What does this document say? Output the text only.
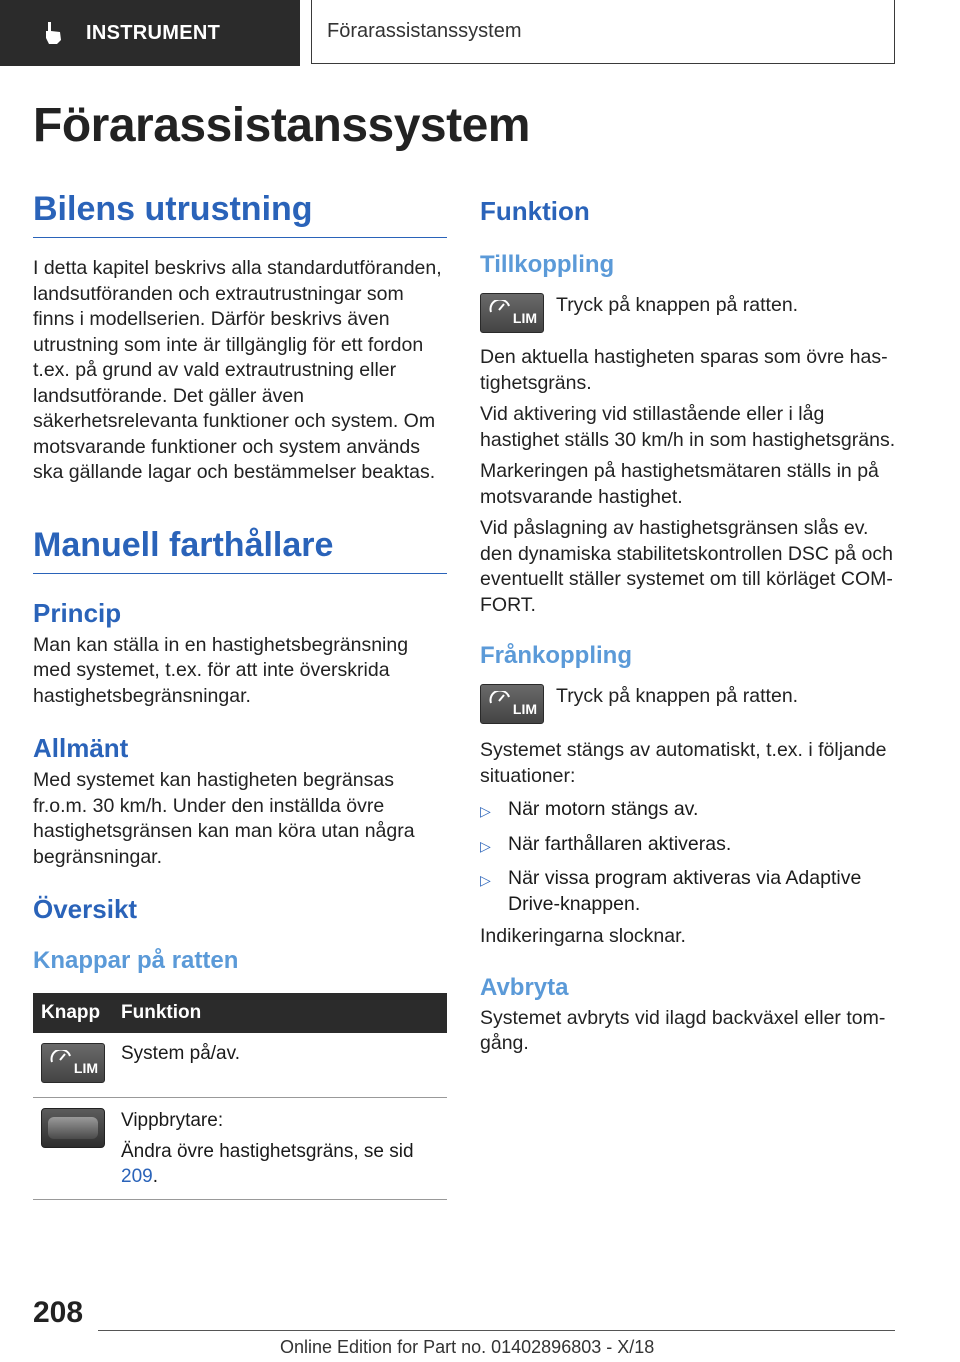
INSTRUMENT	Förarassistanssystem
Förarassistanssystem
Bilens utrustning

I detta kapitel beskrivs alla standardutföranden, landsutföranden och extrautrustningar som finns i modellserien. Därför beskrivs även utrustning som inte är tillgänglig för ett fordon t.ex. på grund av vald extrautrustning eller landsutförande. Det gäller även säkerhetsrelevanta funktioner och system. Om motsvarande funktioner och system används ska gällande lagar och bestämmelser beaktas.

Manuell farthållare
Princip

Man kan ställa in en hastighetsbegränsning med systemet, t.ex. för att inte överskrida hastighetsbegränsningar.

Allmänt

Med systemet kan hastigheten begränsas fr.o.m. 30 km/h. Under den inställda övre hastighetsgränsen kan man köra utan några begränsningar.

Översikt
Knappar på ratten
Knapp	Funktion

LIM	System på/av.

	Vippbrytare:
Ändra övre hastighetsgräns, se sid 209.
Funktion
Tillkoppling
LIM

Tryck på knappen på ratten.

Den aktuella hastigheten sparas som övre hastighetsgräns.

Vid aktivering vid stillastående eller i låg hastighet ställs 30 km/h in som hastighetsgräns.

Markeringen på hastighetsmätaren ställs in på motsvarande hastighet.

Vid påslagning av hastighetsgränsen slås ev. den dynamiska stabilitetskontrollen DSC på och eventuellt ställer systemet om till körläget COMFORT.

Frånkoppling
LIM

Tryck på knappen på ratten.

Systemet stängs av automatiskt, t.ex. i följande situationer:

▷ När motorn stängs av.
▷ När farthållaren aktiveras.
▷ När vissa program aktiveras via Adaptive Drive-knappen.

Indikeringarna slocknar.

Avbryta

Systemet avbryts vid ilagd backväxel eller tomgång.

208
Online Edition for Part no. 01402896803 - X/18
